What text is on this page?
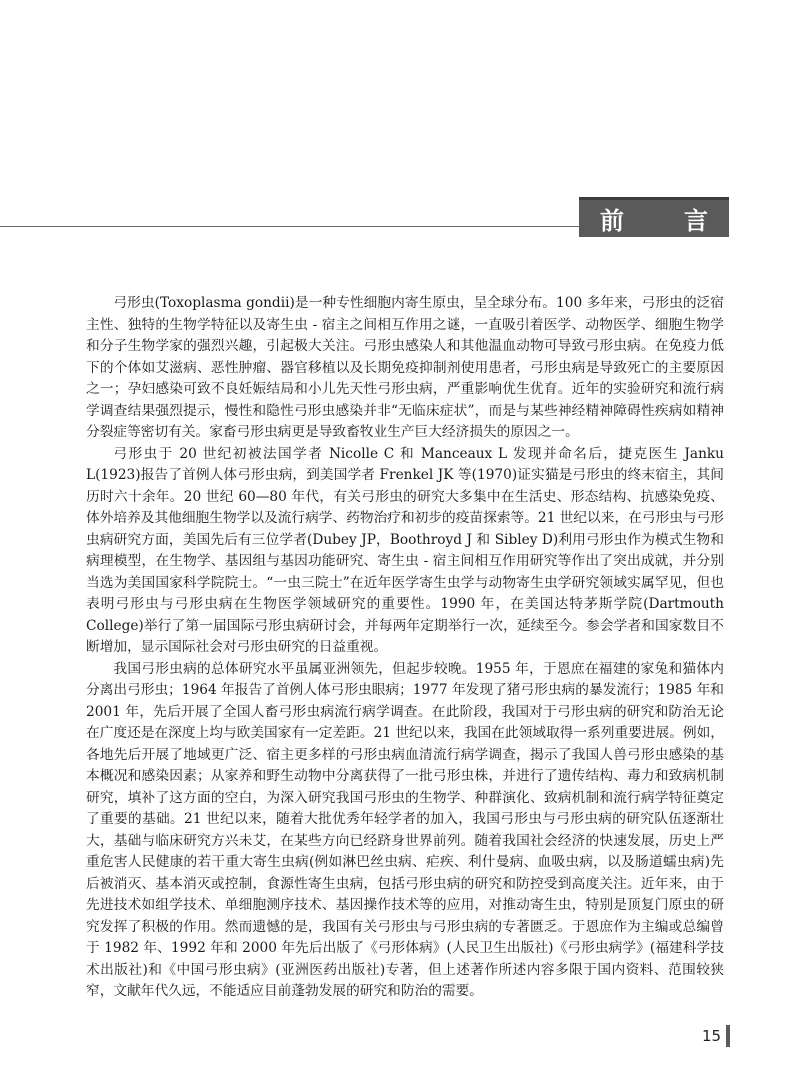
前　言

弓形虫(Toxoplasma gondii)是一种专性细胞内寄生原虫，呈全球分布。100 多年来，弓形虫的泛宿主性、独特的生物学特征以及寄生虫 - 宿主之间相互作用之谜，一直吸引着医学、动物医学、细胞生物学和分子生物学家的强烈兴趣，引起极大关注。弓形虫感染人和其他温血动物可导致弓形虫病。在免疫力低下的个体如艾滋病、恶性肿瘤、器官移植以及长期免疫抑制剂使用患者，弓形虫病是导致死亡的主要原因之一；孕妇感染可致不良妊娠结局和小儿先天性弓形虫病，严重影响优生优育。近年的实验研究和流行病学调查结果强烈提示，慢性和隐性弓形虫感染并非“无临床症状”，而是与某些神经精神障碍性疾病如精神分裂症等密切有关。家畜弓形虫病更是导致畜牧业生产巨大经济损失的原因之一。

弓形虫于 20 世纪初被法国学者 Nicolle C 和 Manceaux L 发现并命名后，捷克医生 Janku L(1923)报告了首例人体弓形虫病，到美国学者 Frenkel JK 等(1970)证实猫是弓形虫的终末宿主，其间历时六十余年。20 世纪 60—80 年代，有关弓形虫的研究大多集中在生活史、形态结构、抗感染免疫、体外培养及其他细胞生物学以及流行病学、药物治疗和初步的疫苗探索等。21 世纪以来，在弓形虫与弓形虫病研究方面，美国先后有三位学者(Dubey JP，Boothroyd J 和 Sibley D)利用弓形虫作为模式生物和病理模型，在生物学、基因组与基因功能研究、寄生虫 - 宿主间相互作用研究等作出了突出成就，并分别当选为美国国家科学院院士。“一虫三院士”在近年医学寄生虫学与动物寄生虫学研究领域实属罕见，但也表明弓形虫与弓形虫病在生物医学领域研究的重要性。1990 年，在美国达特茅斯学院(Dartmouth College)举行了第一届国际弓形虫病研讨会，并每两年定期举行一次，延续至今。参会学者和国家数目不断增加，显示国际社会对弓形虫研究的日益重视。

我国弓形虫病的总体研究水平虽属亚洲领先，但起步较晚。1955 年，于恩庶在福建的家兔和猫体内分离出弓形虫；1964 年报告了首例人体弓形虫眼病；1977 年发现了猪弓形虫病的暴发流行；1985 年和 2001 年，先后开展了全国人畜弓形虫病流行病学调查。在此阶段，我国对于弓形虫病的研究和防治无论在广度还是在深度上均与欧美国家有一定差距。21 世纪以来，我国在此领域取得一系列重要进展。例如，各地先后开展了地域更广泛、宿主更多样的弓形虫病血清流行病学调查，揭示了我国人兽弓形虫感染的基本概况和感染因素；从家养和野生动物中分离获得了一批弓形虫株，并进行了遗传结构、毒力和致病机制研究，填补了这方面的空白，为深入研究我国弓形虫的生物学、种群演化、致病机制和流行病学特征奠定了重要的基础。21 世纪以来，随着大批优秀年轻学者的加入，我国弓形虫与弓形虫病的研究队伍逐渐壮大，基础与临床研究方兴未艾，在某些方向已经跻身世界前列。随着我国社会经济的快速发展，历史上严重危害人民健康的若干重大寄生虫病(例如淋巴丝虫病、疟疾、利什曼病、血吸虫病，以及肠道蠕虫病)先后被消灭、基本消灭或控制，食源性寄生虫病，包括弓形虫病的研究和防控受到高度关注。近年来，由于先进技术如组学技术、单细胞测序技术、基因操作技术等的应用，对推动寄生虫，特别是顶复门原虫的研究发挥了积极的作用。然而遗憾的是，我国有关弓形虫与弓形虫病的专著匮乏。于恩庶作为主编或总编曾于 1982 年、1992 年和 2000 年先后出版了《弓形体病》(人民卫生出版社)《弓形虫病学》(福建科学技术出版社)和《中国弓形虫病》(亚洲医药出版社)专著，但上述著作所述内容多限于国内资料、范围较狭窄，文献年代久远，不能适应目前蓬勃发展的研究和防治的需要。

15
